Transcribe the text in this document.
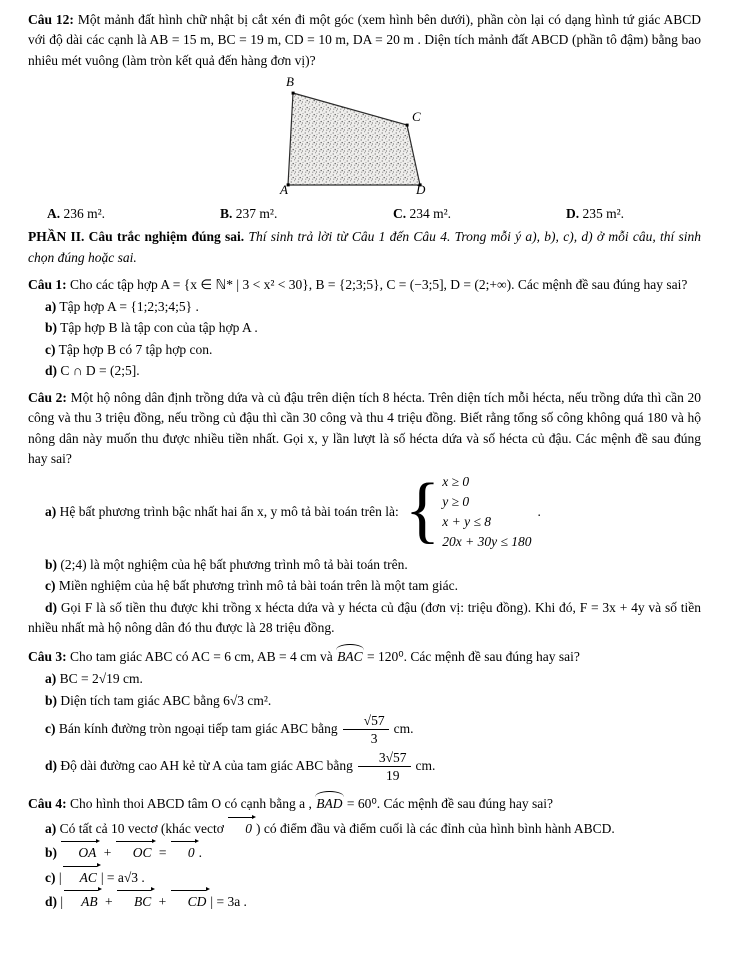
Câu 12: Một mảnh đất hình chữ nhật bị cắt xén đi một góc (xem hình bên dưới), phần còn lại có dạng hình tứ giác ABCD với độ dài các cạnh là AB = 15 m, BC = 19 m, CD = 10 m, DA = 20 m . Diện tích mảnh đất ABCD (phần tô đậm) bằng bao nhiêu mét vuông (làm tròn kết quả đến hàng đơn vị)?

B
C
A	D
A. 236 m².	B. 237 m².	C. 234 m².	D. 235 m².

PHẦN II. Câu trắc nghiệm đúng sai. Thí sinh trả lời từ Câu 1 đến Câu 4. Trong mỗi ý a), b), c), d) ở mỗi câu, thí sinh chọn đúng hoặc sai.

Câu 1: Cho các tập hợp A = {x ∈ ℕ* | 3 < x² < 30}, B = {2;3;5}, C = (−3;5], D = (2;+∞). Các mệnh đề sau đúng hay sai?

a) Tập hợp A = {1;2;3;4;5} .

b) Tập hợp B là tập con của tập hợp A .

c) Tập hợp B có 7 tập hợp con.

d) C ∩ D = (2;5].

Câu 2: Một hộ nông dân định trồng dứa và củ đậu trên diện tích 8 hécta. Trên diện tích mỗi hécta, nếu trồng dứa thì cần 20 công và thu 3 triệu đồng, nếu trồng củ đậu thì cần 30 công và thu 4 triệu đồng. Biết rằng tổng số công không quá 180 và hộ nông dân này muốn thu được nhiều tiền nhất. Gọi x, y lần lượt là số hécta dứa và số hécta củ đậu. Các mệnh đề sau đúng hay sai?

a) Hệ bất phương trình bậc nhất hai ẩn x, y mô tả bài toán trên là: { x ≥ 0
y ≥ 0
x + y ≤ 8
20x + 30y ≤ 180
.

b) (2;4) là một nghiệm của hệ bất phương trình mô tả bài toán trên.

c) Miền nghiệm của hệ bất phương trình mô tả bài toán trên là một tam giác.

d) Gọi F là số tiền thu được khi trồng x hécta dứa và y hécta củ đậu (đơn vị: triệu đồng). Khi đó, F = 3x + 4y và số tiền nhiều nhất mà hộ nông dân đó thu được là 28 triệu đồng.

Câu 3: Cho tam giác ABC có AC = 6 cm, AB = 4 cm và BAC = 120⁰. Các mệnh đề sau đúng hay sai?

a) BC = 2√19 cm.

b) Diện tích tam giác ABC bằng 6√3 cm².

c) Bán kính đường tròn ngoại tiếp tam giác ABC bằng $\frac{√57}{3}$ cm.

d) Độ dài đường cao AH kẻ từ A của tam giác ABC bằng $\frac{3√57}{19}$ cm.

Câu 4: Cho hình thoi ABCD tâm O có cạnh bằng a , BAD = 60⁰. Các mệnh đề sau đúng hay sai?

a) Có tất cả 10 vectơ (khác vectơ 0 ) có điểm đầu và điểm cuối là các đỉnh của hình bình hành ABCD.

b) OA + OC = 0 .

c) | AC | = a√3 .

d) | AB + BC + CD | = 3a .
